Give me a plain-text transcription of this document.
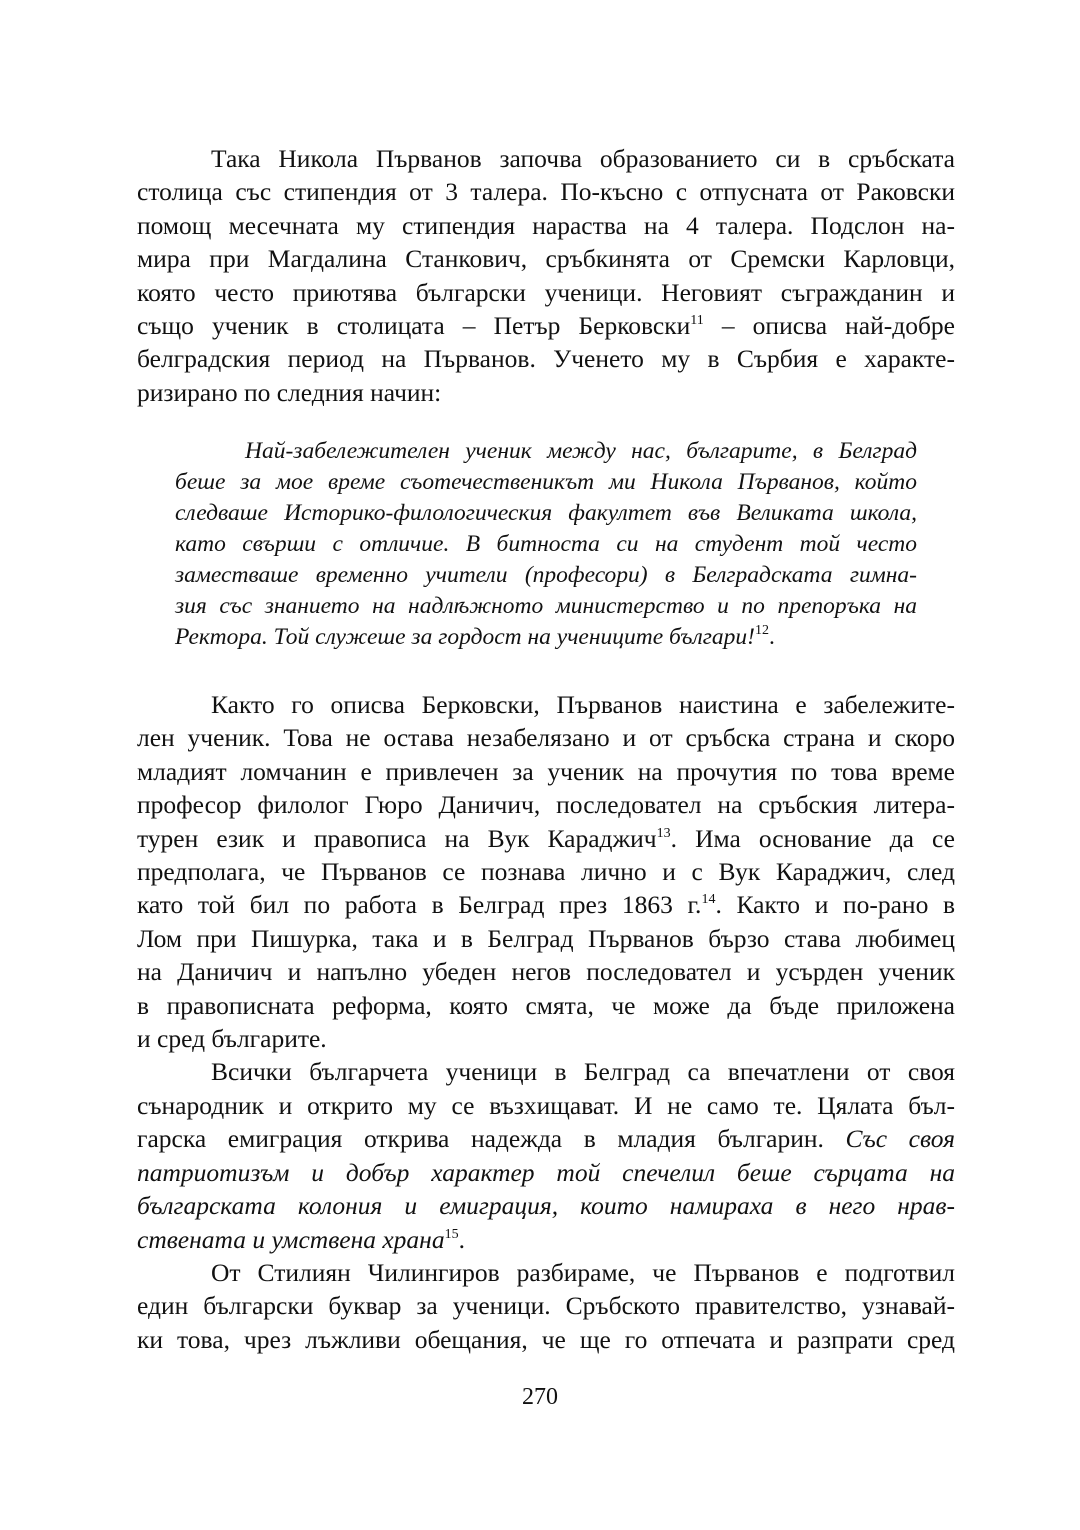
Така Никола Първанов започва образованието си в сръбската
столица със стипендия от 3 талера. По-късно с отпусната от Раковски
помощ месечната му стипендия нараства на 4 талера. Подслон на-
мира при Магдалина Станкович, сръбкинята от Сремски Карловци,
която често приютява български ученици. Неговият съгражданин и
също ученик в столицата – Петър Берковски$^{11}$ – описва най-добре
белградския период на Първанов. Ученето му в Сърбия е характе-
ризирано по следния начин:
Най-забележителен ученик между нас, българите, в Белград
беше за мое време съотечественикът ми Никола Първанов, който
следваше Историко-филологическия факултет във Великата школа,
като свърши с отличие. В битноста си на студент той често
заместваше временно учители (професори) в Белградската гимна-
зия със знанието на надлѣжното министерство и по препоръка на
Ректора. Той служеше за гордост на учениците българи!$^{12}$.
Както го описва Берковски, Първанов наистина е забележите-
лен ученик. Това не остава незабелязано и от сръбска страна и скоро
младият ломчанин е привлечен за ученик на прочутия по това време
професор филолог Гюро Даничич, последовател на сръбския литера-
турен език и правописа на Вук Караджич$^{13}$. Има основание да се
предполага, че Първанов се познава лично и с Вук Караджич, след
като той бил по работа в Белград през 1863 г.$^{14}$. Както и по-рано в
Лом при Пишурка, така и в Белград Първанов бързо става любимец
на Даничич и напълно убеден негов последовател и усърден ученик
в правописната реформа, която смята, че може да бъде приложена
и сред българите.
Всички българчета ученици в Белград са впечатлени от своя
сънародник и открито му се възхищават. И не само те. Цялата бъл-
гарска емиграция открива надежда в младия българин. Със своя
патриотизъм и добър характер той спечелил беше сърцата на
българската колония и емиграция, които намираха в него нрав-
ствената и умствена храна$^{15}$.
От Стилиян Чилингиров разбираме, че Първанов е подготвил
един български буквар за ученици. Сръбското правителство, узнавай-
ки това, чрез лъжливи обещания, че ще го отпечата и разпрати сред
270
